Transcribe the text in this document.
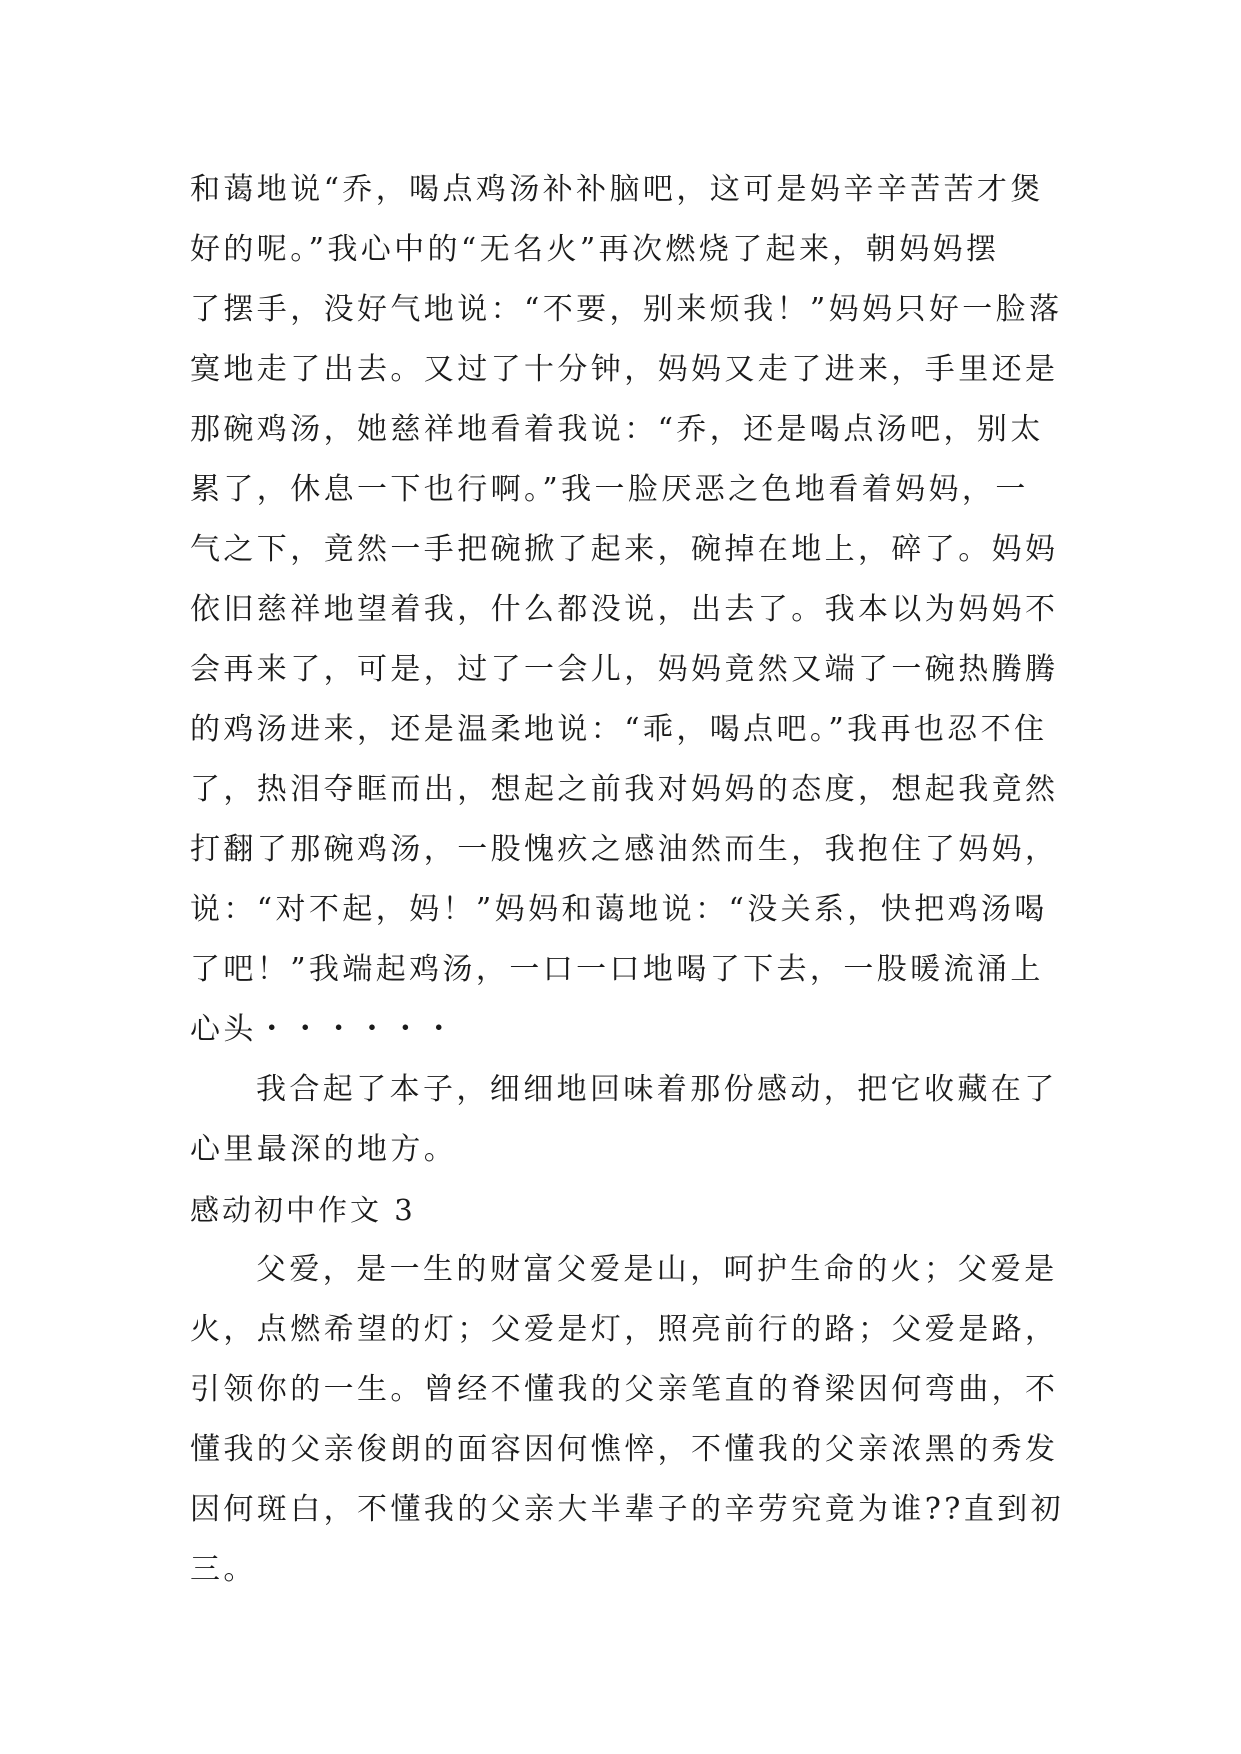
和蔼地说“乔，喝点鸡汤补补脑吧，这可是妈辛辛苦苦才煲
好的呢。”我心中的“无名火”再次燃烧了起来，朝妈妈摆
了摆手，没好气地说：“不要，别来烦我！”妈妈只好一脸落
寞地走了出去。又过了十分钟，妈妈又走了进来，手里还是
那碗鸡汤，她慈祥地看着我说：“乔，还是喝点汤吧，别太
累了，休息一下也行啊。”我一脸厌恶之色地看着妈妈，一
气之下，竟然一手把碗掀了起来，碗掉在地上，碎了。妈妈
依旧慈祥地望着我，什么都没说，出去了。我本以为妈妈不
会再来了，可是，过了一会儿，妈妈竟然又端了一碗热腾腾
的鸡汤进来，还是温柔地说：“乖，喝点吧。”我再也忍不住
了，热泪夺眶而出，想起之前我对妈妈的态度，想起我竟然
打翻了那碗鸡汤，一股愧疚之感油然而生，我抱住了妈妈，
说：“对不起，妈！”妈妈和蔼地说：“没关系，快把鸡汤喝
了吧！”我端起鸡汤，一口一口地喝了下去，一股暖流涌上
心头・・・・・・
我合起了本子，细细地回味着那份感动，把它收藏在了
心里最深的地方。
感动初中作文 3
父爱，是一生的财富父爱是山，呵护生命的火；父爱是
火，点燃希望的灯；父爱是灯，照亮前行的路；父爱是路，
引领你的一生。曾经不懂我的父亲笔直的脊梁因何弯曲，不
懂我的父亲俊朗的面容因何憔悴，不懂我的父亲浓黑的秀发
因何斑白，不懂我的父亲大半辈子的辛劳究竟为谁??直到初
三。
